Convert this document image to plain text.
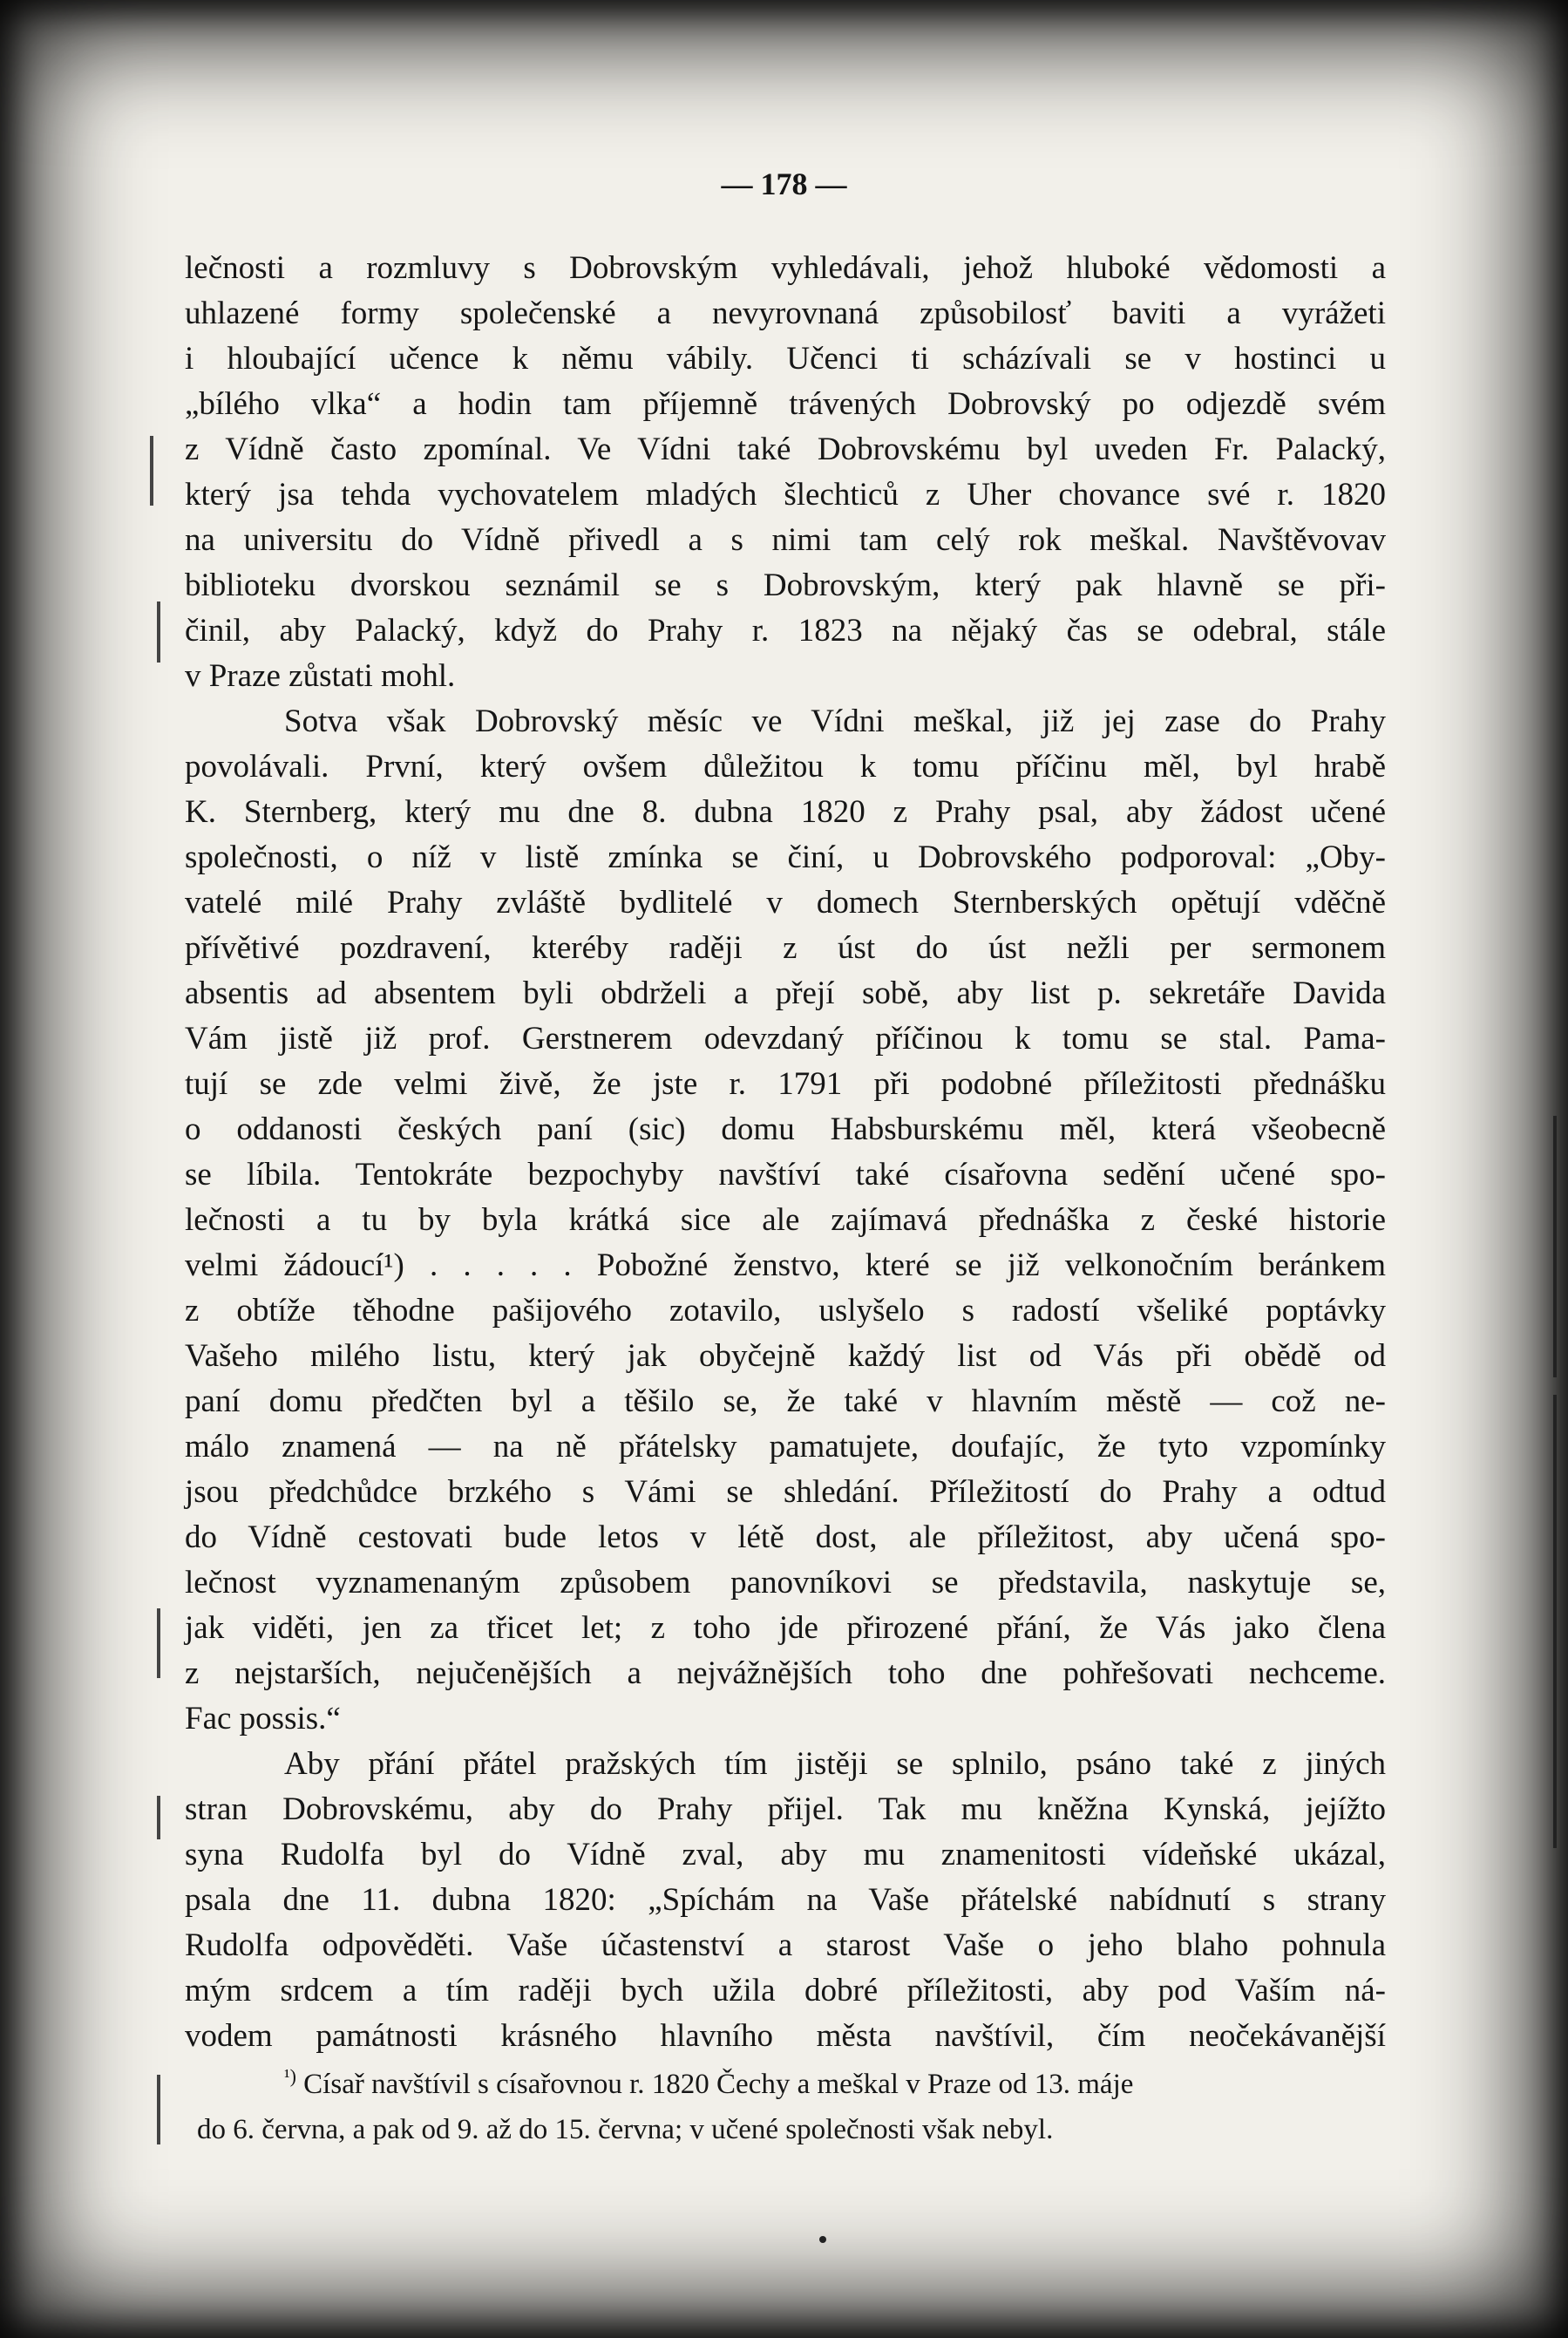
— 178 —
lečnosti a rozmluvy s Dobrovským vyhledávali, jehož hluboké vědomosti a
uhlazené formy společenské a nevyrovnaná způsobilosť baviti a vyrážeti
i hloubající učence k němu vábily. Učenci ti scházívali se v hostinci u
„bílého vlka“ a hodin tam příjemně trávených Dobrovský po odjezdě svém
z Vídně často zpomínal. Ve Vídni také Dobrovskému byl uveden Fr. Palacký,
který jsa tehda vychovatelem mladých šlechticů z Uher chovance své r. 1820
na universitu do Vídně přivedl a s nimi tam celý rok meškal. Navštěvovav
biblioteku dvorskou seznámil se s Dobrovským, který pak hlavně se při-
činil, aby Palacký, když do Prahy r. 1823 na nějaký čas se odebral, stále
v Praze zůstati mohl.
Sotva však Dobrovský měsíc ve Vídni meškal, již jej zase do Prahy
povolávali. První, který ovšem důležitou k tomu příčinu měl, byl hrabě
K. Sternberg, který mu dne 8. dubna 1820 z Prahy psal, aby žádost učené
společnosti, o níž v listě zmínka se činí, u Dobrovského podporoval: „Oby-
vatelé milé Prahy zvláště bydlitelé v domech Sternberských opětují vděčně
přívětivé pozdravení, kteréby raději z úst do úst nežli per sermonem
absentis ad absentem byli obdrželi a přejí sobě, aby list p. sekretáře Davida
Vám jistě již prof. Gerstnerem odevzdaný příčinou k tomu se stal. Pama-
tují se zde velmi živě, že jste r. 1791 při podobné příležitosti přednášku
o oddanosti českých paní (sic) domu Habsburskému měl, která všeobecně
se líbila. Tentokráte bezpochyby navštíví také císařovna sedění učené spo-
lečnosti a tu by byla krátká sice ale zajímavá přednáška z české historie
velmi žádoucí¹) . . . . . Pobožné ženstvo, které se již velkonočním beránkem
z obtíže těhodne pašijového zotavilo, uslyšelo s radostí všeliké poptávky
Vašeho milého listu, který jak obyčejně každý list od Vás při obědě od
paní domu předčten byl a těšilo se, že také v hlavním městě — což ne-
málo znamená — na ně přátelsky pamatujete, doufajíc, že tyto vzpomínky
jsou předchůdce brzkého s Vámi se shledání. Příležitostí do Prahy a odtud
do Vídně cestovati bude letos v létě dost, ale příležitost, aby učená spo-
lečnost vyznamenaným způsobem panovníkovi se představila, naskytuje se,
jak viděti, jen za třicet let; z toho jde přirozené přání, že Vás jako člena
z nejstarších, nejučenějších a nejvážnějších toho dne pohřešovati nechceme.
Fac possis.“
Aby přání přátel pražských tím jistěji se splnilo, psáno také z jiných
stran Dobrovskému, aby do Prahy přijel. Tak mu kněžna Kynská, jejížto
syna Rudolfa byl do Vídně zval, aby mu znamenitosti vídeňské ukázal,
psala dne 11. dubna 1820: „Spíchám na Vaše přátelské nabídnutí s strany
Rudolfa odpověděti. Vaše účastenství a starost Vaše o jeho blaho pohnula
mým srdcem a tím raději bych užila dobré příležitosti, aby pod Vaším ná-
vodem památnosti krásného hlavního města navštívil, čím neočekávanější
$^{^1)}$ Císař navštívil s císařovnou r. 1820 Čechy a meškal v Praze od 13. máje
do 6. června, a pak od 9. až do 15. června; v učené společnosti však nebyl.
